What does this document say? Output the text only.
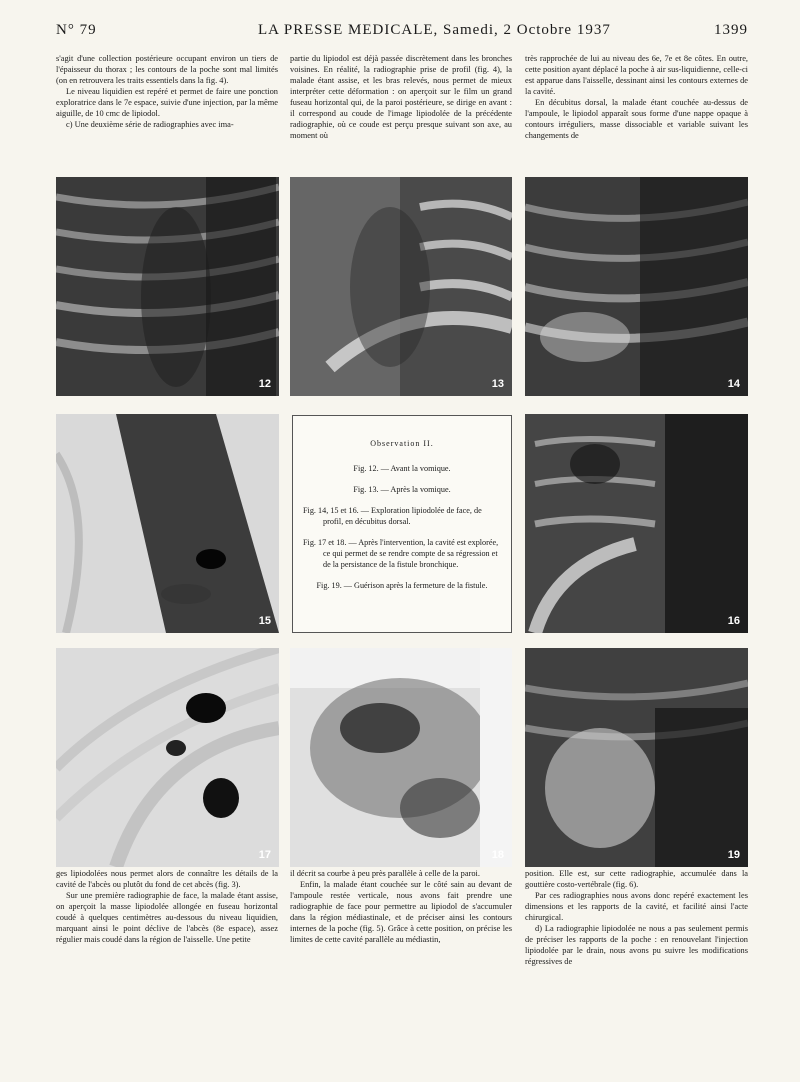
N° 79	LA PRESSE MEDICALE, Samedi, 2 Octobre 1937	1399

s'agit d'une collection postérieure occupant environ un tiers de l'épaisseur du thorax ; les contours de la poche sont mal limités (on en retrouvera les traits essentiels dans la fig. 4).

Le niveau liquidien est repéré et permet de faire une ponction exploratrice dans le 7e espace, suivie d'une injection, par la même aiguille, de 10 cmc de lipiodol.

c) Une deuxième série de radiographies avec ima-

partie du lipiodol est déjà passée discrètement dans les bronches voisines. En réalité, la radiographie prise de profil (fig. 4), la malade étant assise, et les bras relevés, nous permet de mieux interpréter cette déformation : on aperçoit sur le film un grand fuseau horizontal qui, de la paroi postérieure, se dirige en avant : il correspond au coude de l'image lipiodolée de la précédente radiographie, où ce coude est perçu presque suivant son axe, au moment où

très rapprochée de lui au niveau des 6e, 7e et 8e côtes. En outre, cette position ayant déplacé la poche à air sus-liquidienne, celle-ci est apparue dans l'aisselle, dessinant ainsi les contours externes de la cavité.

En décubitus dorsal, la malade étant couchée au-dessus de l'ampoule, le lipiodol apparaît sous forme d'une nappe opaque à contours irréguliers, masse dissociable et variable suivant les changements de

12	13	14
15
Observation II.
Fig. 12. — Avant la vomique.
Fig. 13. — Après la vomique.
Fig. 14, 15 et 16. — Exploration lipiodolée de face, de profil, en décubitus dorsal.
Fig. 17 et 18. — Après l'intervention, la cavité est explorée, ce qui permet de se rendre compte de sa régression et de la persistance de la fistule bronchique.
Fig. 19. — Guérison après la fermeture de la fistule.
16
17	18	19

ges lipiodolées nous permet alors de connaître les détails de la cavité de l'abcès ou plutôt du fond de cet abcès (fig. 3).

Sur une première radiographie de face, la malade étant assise, on aperçoit la masse lipiodolée allongée en fuseau horizontal coudé à quelques centimètres au-dessous du niveau liquidien, marquant ainsi le point déclive de l'abcès (8e espace), assez régulier mais coudé dans la région de l'aisselle. Une petite

il décrit sa courbe à peu près parallèle à celle de la paroi.

Enfin, la malade étant couchée sur le côté sain au devant de l'ampoule restée verticale, nous avons fait prendre une radiographie de face pour permettre au lipiodol de s'accumuler dans la région médiastinale, et de préciser ainsi les contours internes de la poche (fig. 5). Grâce à cette position, on précise les limites de cette cavité parallèle au médiastin,

position. Elle est, sur cette radiographie, accumulée dans la gouttière costo-vertébrale (fig. 6).

Par ces radiographies nous avons donc repéré exactement les dimensions et les rapports de la cavité, et facilité ainsi l'acte chirurgical.

d) La radiographie lipiodolée ne nous a pas seulement permis de préciser les rapports de la poche : en renouvelant l'injection lipiodolée par le drain, nous avons pu suivre les modifications régressives de
